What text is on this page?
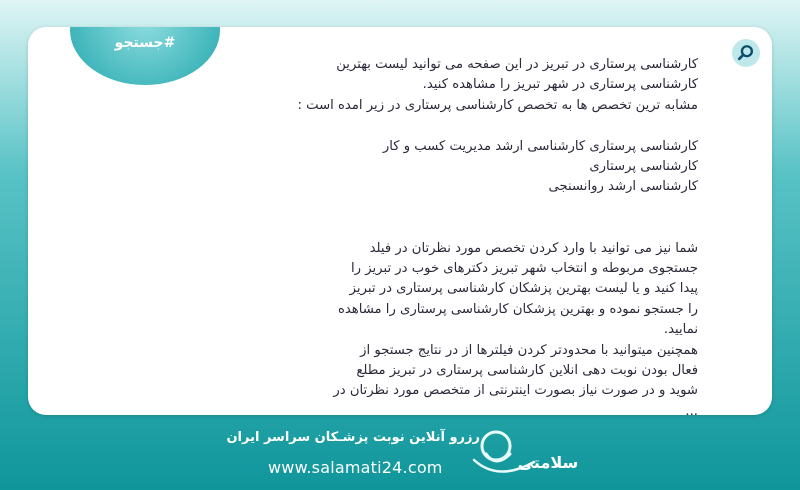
#جستجو

کارشناسی پرستاری در تبریز در این صفحه می توانید لیست بهترین

کارشناسی پرستاری در شهر تبریز را مشاهده کنید.

مشابه ترین تخصص ها به تخصص کارشناسی پرستاری در زیر امده است :

کارشناسی پرستاری کارشناسی ارشد مدیریت کسب و کار

کارشناسی پرستاری

کارشناسی ارشد روانسنجی

شما نیز می توانید با وارد کردن تخصص مورد نظرتان در فیلد

جستجوی مربوطه و انتخاب شهر تبریز دکترهای خوب در تبریز را

پیدا کنید و یا لیست بهترین پزشکان کارشناسی پرستاری در تبریز

را جستجو نموده و بهترین پزشکان کارشناسی پرستاری را مشاهده

نمایید.

همچنین میتوانید با محدودتر کردن فیلترها از در نتایج جستجو از

فعال بودن نوبت دهی انلاین کارشناسی پرستاری در تبریز مطلع

شوید و در صورت نیاز بصورت اینترنتی از متخصص مورد نظرتان در

...

رزرو آنلاین نوبت پزشـکان سراسر ایران
www.salamati24.com	سلامتی
